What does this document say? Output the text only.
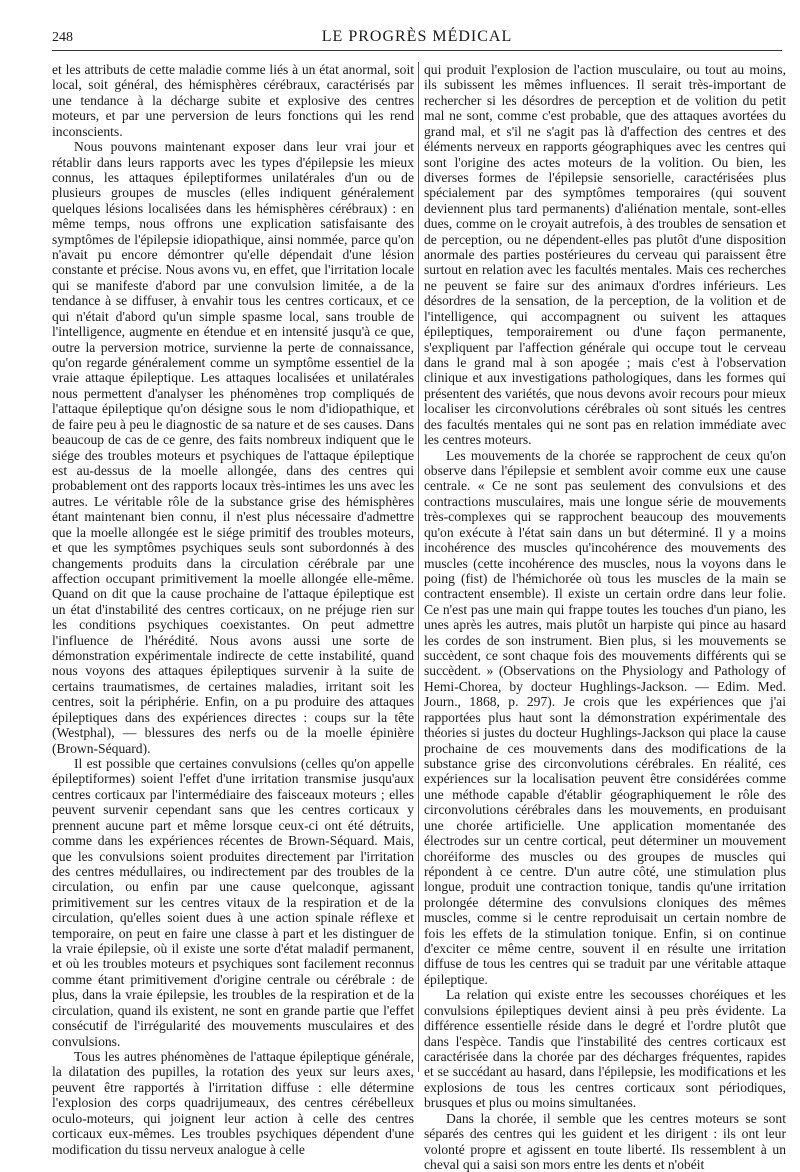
248	LE PROGRÈS MÉDICAL

et les attributs de cette maladie comme liés à un état anormal, soit local, soit général, des hémisphères cérébraux, caractérisés par une tendance à la décharge subite et explosive des centres moteurs, et par une perversion de leurs fonctions qui les rend inconscients.

Nous pouvons maintenant exposer dans leur vrai jour et rétablir dans leurs rapports avec les types d'épilepsie les mieux connus, les attaques épileptiformes unilatérales d'un ou de plusieurs groupes de muscles (elles indiquent généralement quelques lésions localisées dans les hémisphères cérébraux) : en même temps, nous offrons une explication satisfaisante des symptômes de l'épilepsie idiopathique, ainsi nommée, parce qu'on n'avait pu encore démontrer qu'elle dépendait d'une lésion constante et précise. Nous avons vu, en effet, que l'irritation locale qui se manifeste d'abord par une convulsion limitée, a de la tendance à se diffuser, à envahir tous les centres corticaux, et ce qui n'était d'abord qu'un simple spasme local, sans trouble de l'intelligence, augmente en étendue et en intensité jusqu'à ce que, outre la perversion motrice, survienne la perte de connaissance, qu'on regarde généralement comme un symptôme essentiel de la vraie attaque épileptique. Les attaques localisées et unilatérales nous permettent d'analyser les phénomènes trop compliqués de l'attaque épileptique qu'on désigne sous le nom d'idiopathique, et de faire peu à peu le diagnostic de sa nature et de ses causes. Dans beaucoup de cas de ce genre, des faits nombreux indiquent que le siége des troubles moteurs et psychiques de l'attaque épileptique est au-dessus de la moelle allongée, dans des centres qui probablement ont des rapports locaux très-intimes les uns avec les autres. Le véritable rôle de la substance grise des hémisphères étant maintenant bien connu, il n'est plus nécessaire d'admettre que la moelle allongée est le siége primitif des troubles moteurs, et que les symptômes psychiques seuls sont subordonnés à des changements produits dans la circulation cérébrale par une affection occupant primitivement la moelle allongée elle-même. Quand on dit que la cause prochaine de l'attaque épileptique est un état d'instabilité des centres corticaux, on ne préjuge rien sur les conditions psychiques coexistantes. On peut admettre l'influence de l'hérédité. Nous avons aussi une sorte de démonstration expérimentale indirecte de cette instabilité, quand nous voyons des attaques épileptiques survenir à la suite de certains traumatismes, de certaines maladies, irritant soit les centres, soit la périphérie. Enfin, on a pu produire des attaques épileptiques dans des expériences directes : coups sur la tête (Westphal), — blessures des nerfs ou de la moelle épinière (Brown-Séquard).

Il est possible que certaines convulsions (celles qu'on appelle épileptiformes) soient l'effet d'une irritation transmise jusqu'aux centres corticaux par l'intermédiaire des faisceaux moteurs ; elles peuvent survenir cependant sans que les centres corticaux y prennent aucune part et même lorsque ceux-ci ont été détruits, comme dans les expériences récentes de Brown-Séquard. Mais, que les convulsions soient produites directement par l'irritation des centres médullaires, ou indirectement par des troubles de la circulation, ou enfin par une cause quelconque, agissant primitivement sur les centres vitaux de la respiration et de la circulation, qu'elles soient dues à une action spinale réflexe et temporaire, on peut en faire une classe à part et les distinguer de la vraie épilepsie, où il existe une sorte d'état maladif permanent, et où les troubles moteurs et psychiques sont facilement reconnus comme étant primitivement d'origine centrale ou cérébrale : de plus, dans la vraie épilepsie, les troubles de la respiration et de la circulation, quand ils existent, ne sont en grande partie que l'effet consécutif de l'irrégularité des mouvements musculaires et des convulsions.

Tous les autres phénomènes de l'attaque épileptique générale, la dilatation des pupilles, la rotation des yeux sur leurs axes, peuvent être rapportés à l'irritation diffuse : elle détermine l'explosion des corps quadrijumeaux, des centres cérébelleux oculo-moteurs, qui joignent leur action à celle des centres corticaux eux-mêmes. Les troubles psychiques dépendent d'une modification du tissu nerveux analogue à celle

qui produit l'explosion de l'action musculaire, ou tout au moins, ils subissent les mêmes influences. Il serait très-important de rechercher si les désordres de perception et de volition du petit mal ne sont, comme c'est probable, que des attaques avortées du grand mal, et s'il ne s'agit pas là d'affection des centres et des éléments nerveux en rapports géographiques avec les centres qui sont l'origine des actes moteurs de la volition. Ou bien, les diverses formes de l'épilepsie sensorielle, caractérisées plus spécialement par des symptômes temporaires (qui souvent deviennent plus tard permanents) d'aliénation mentale, sont-elles dues, comme on le croyait autrefois, à des troubles de sensation et de perception, ou ne dépendent-elles pas plutôt d'une disposition anormale des parties postérieures du cerveau qui paraissent être surtout en relation avec les facultés mentales. Mais ces recherches ne peuvent se faire sur des animaux d'ordres inférieurs. Les désordres de la sensation, de la perception, de la volition et de l'intelligence, qui accompagnent ou suivent les attaques épileptiques, temporairement ou d'une façon permanente, s'expliquent par l'affection générale qui occupe tout le cerveau dans le grand mal à son apogée ; mais c'est à l'observation clinique et aux investigations pathologiques, dans les formes qui présentent des variétés, que nous devons avoir recours pour mieux localiser les circonvolutions cérébrales où sont situés les centres des facultés mentales qui ne sont pas en relation immédiate avec les centres moteurs.

Les mouvements de la chorée se rapprochent de ceux qu'on observe dans l'épilepsie et semblent avoir comme eux une cause centrale. « Ce ne sont pas seulement des convulsions et des contractions musculaires, mais une longue série de mouvements très-complexes qui se rapprochent beaucoup des mouvements qu'on exécute à l'état sain dans un but déterminé. Il y a moins incohérence des muscles qu'incohérence des mouvements des muscles (cette incohérence des muscles, nous la voyons dans le poing (fist) de l'hémichorée où tous les muscles de la main se contractent ensemble). Il existe un certain ordre dans leur folie. Ce n'est pas une main qui frappe toutes les touches d'un piano, les unes après les autres, mais plutôt un harpiste qui pince au hasard les cordes de son instrument. Bien plus, si les mouvements se succèdent, ce sont chaque fois des mouvements différents qui se succèdent. » (Observations on the Physiology and Pathology of Hemi-Chorea, by docteur Hughlings-Jackson. — Edim. Med. Journ., 1868, p. 297). Je crois que les expériences que j'ai rapportées plus haut sont la démonstration expérimentale des théories si justes du docteur Hughlings-Jackson qui place la cause prochaine de ces mouvements dans des modifications de la substance grise des circonvolutions cérébrales. En réalité, ces expériences sur la localisation peuvent être considérées comme une méthode capable d'établir géographiquement le rôle des circonvolutions cérébrales dans les mouvements, en produisant une chorée artificielle. Une application momentanée des électrodes sur un centre cortical, peut déterminer un mouvement choréiforme des muscles ou des groupes de muscles qui répondent à ce centre. D'un autre côté, une stimulation plus longue, produit une contraction tonique, tandis qu'une irritation prolongée détermine des convulsions cloniques des mêmes muscles, comme si le centre reproduisait un certain nombre de fois les effets de la stimulation tonique. Enfin, si on continue d'exciter ce même centre, souvent il en résulte une irritation diffuse de tous les centres qui se traduit par une véritable attaque épileptique.

La relation qui existe entre les secousses choréiques et les convulsions épileptiques devient ainsi à peu près évidente. La différence essentielle réside dans le degré et l'ordre plutôt que dans l'espèce. Tandis que l'instabilité des centres corticaux est caractérisée dans la chorée par des décharges fréquentes, rapides et se succédant au hasard, dans l'épilepsie, les modifications et les explosions de tous les centres corticaux sont périodiques, brusques et plus ou moins simultanées.

Dans la chorée, il semble que les centres moteurs se sont séparés des centres qui les guident et les dirigent : ils ont leur volonté propre et agissent en toute liberté. Ils ressemblent à un cheval qui a saisi son mors entre les dents et n'obéit
